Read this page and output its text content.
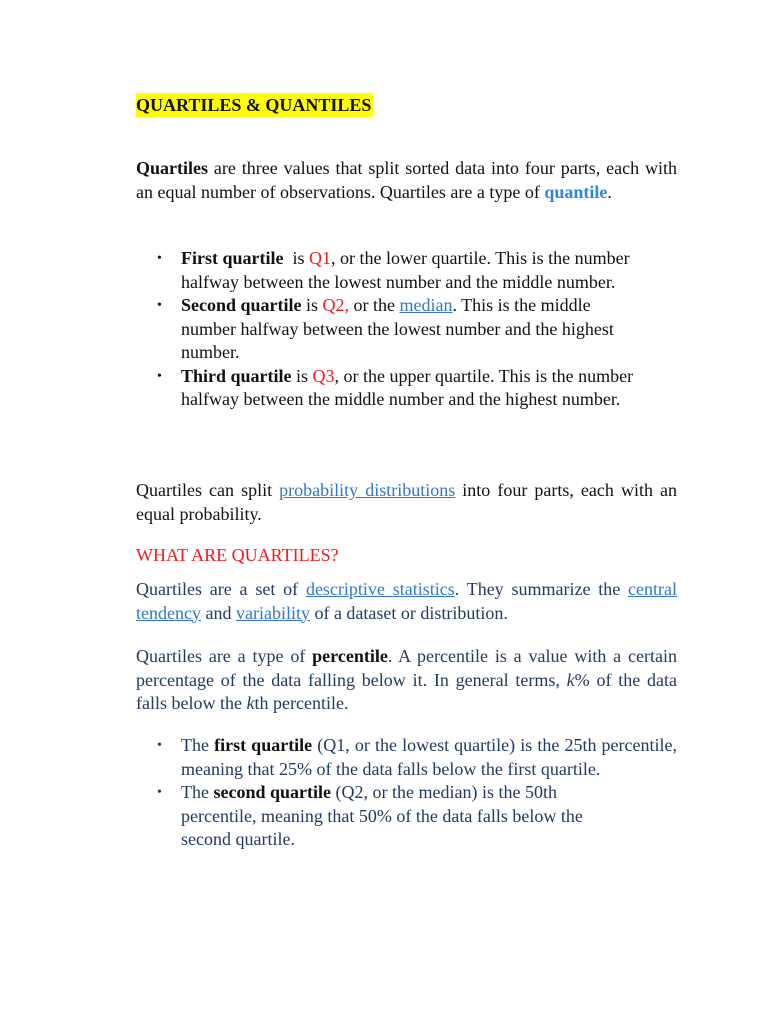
QUARTILES & QUANTILES

Quartiles are three values that split sorted data into four parts, each with an equal number of observations. Quartiles are a type of quantile.

• First quartile  is Q1, or the lower quartile. This is the number halfway between the lowest number and the middle number.
• Second quartile is Q2, or the median. This is the middle number halfway between the lowest number and the highest number.
• Third quartile is Q3, or the upper quartile. This is the number halfway between the middle number and the highest number.

Quartiles can split probability distributions into four parts, each with an equal probability.

WHAT ARE QUARTILES?

Quartiles are a set of descriptive statistics. They summarize the central tendency and variability of a dataset or distribution.

Quartiles are a type of percentile. A percentile is a value with a certain percentage of the data falling below it. In general terms, k% of the data falls below the kth percentile.

• The first quartile (Q1, or the lowest quartile) is the 25th percentile, meaning that 25% of the data falls below the first quartile.
• The second quartile (Q2, or the median) is the 50th percentile, meaning that 50% of the data falls below the second quartile.
